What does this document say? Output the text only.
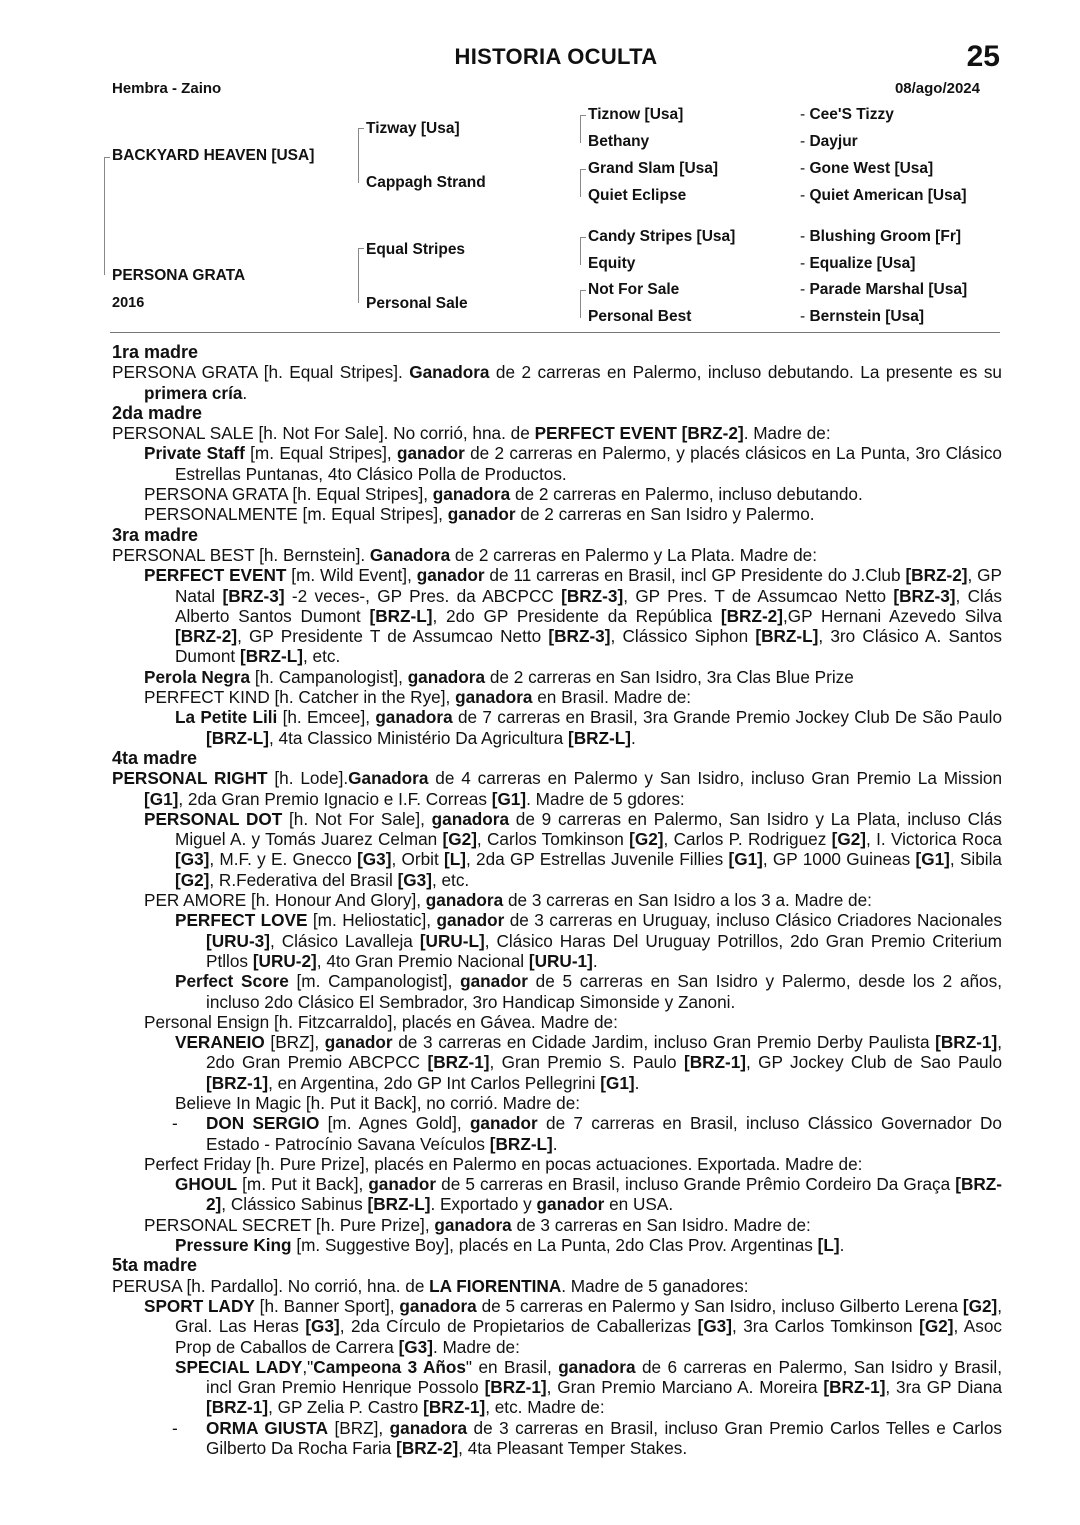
HISTORIA OCULTA	25
Hembra - Zaino	08/ago/2024
BACKYARD HEAVEN [USA]
PERSONA GRATA
2016
Tizway [Usa]
Cappagh Strand
Equal Stripes
Personal Sale
Tiznow [Usa]
Bethany
Grand Slam [Usa]
Quiet Eclipse
Candy Stripes [Usa]
Equity
Not For Sale
Personal Best
- Cee'S Tizzy
- Dayjur
- Gone West [Usa]
- Quiet American [Usa]
- Blushing Groom [Fr]
- Equalize [Usa]
- Parade Marshal [Usa]
- Bernstein [Usa]
1ra madre
PERSONA GRATA [h. Equal Stripes]. Ganadora de 2 carreras en Palermo, incluso debutando. La presente es su primera cría.
2da madre
PERSONAL SALE [h. Not For Sale]. No corrió, hna. de PERFECT EVENT [BRZ-2]. Madre de:
Private Staff [m. Equal Stripes], ganador de 2 carreras en Palermo, y placés clásicos en La Punta, 3ro Clásico Estrellas Puntanas, 4to Clásico Polla de Productos.
PERSONA GRATA [h. Equal Stripes], ganadora de 2 carreras en Palermo, incluso debutando.
PERSONALMENTE [m. Equal Stripes], ganador de 2 carreras en San Isidro y Palermo.
3ra madre
PERSONAL BEST [h. Bernstein]. Ganadora de 2 carreras en Palermo y La Plata. Madre de:
PERFECT EVENT [m. Wild Event], ganador de 11 carreras en Brasil, incl GP Presidente do J.Club [BRZ-2], GP Natal [BRZ-3] -2 veces-, GP Pres. da ABCPCC [BRZ-3], GP Pres. T de Assumcao Netto [BRZ-3], Clás Alberto Santos Dumont [BRZ-L], 2do GP Presidente da República [BRZ-2],GP Hernani Azevedo Silva [BRZ-2], GP Presidente T de Assumcao Netto [BRZ-3], Clássico Siphon [BRZ-L], 3ro Clásico A. Santos Dumont [BRZ-L], etc.
Perola Negra [h. Campanologist], ganadora de 2 carreras en San Isidro, 3ra Clas Blue Prize
PERFECT KIND [h. Catcher in the Rye], ganadora en Brasil. Madre de:
La Petite Lili [h. Emcee], ganadora de 7 carreras en Brasil, 3ra Grande Premio Jockey Club De São Paulo [BRZ-L], 4ta Classico Ministério Da Agricultura [BRZ-L].
4ta madre
PERSONAL RIGHT [h. Lode].Ganadora de 4 carreras en Palermo y San Isidro, incluso Gran Premio La Mission [G1], 2da Gran Premio Ignacio e I.F. Correas [G1]. Madre de 5 gdores:
PERSONAL DOT [h. Not For Sale], ganadora de 9 carreras en Palermo, San Isidro y La Plata, incluso Clás Miguel A. y Tomás Juarez Celman [G2], Carlos Tomkinson [G2], Carlos P. Rodriguez [G2], I. Victorica Roca [G3], M.F. y E. Gnecco [G3], Orbit [L], 2da GP Estrellas Juvenile Fillies [G1], GP 1000 Guineas [G1], Sibila [G2], R.Federativa del Brasil [G3], etc.
PER AMORE [h. Honour And Glory], ganadora de 3 carreras en San Isidro a los 3 a. Madre de:
PERFECT LOVE [m. Heliostatic], ganador de 3 carreras en Uruguay, incluso Clásico Criadores Nacionales [URU-3], Clásico Lavalleja [URU-L], Clásico Haras Del Uruguay Potrillos, 2do Gran Premio Criterium Ptllos [URU-2], 4to Gran Premio Nacional [URU-1].
Perfect Score [m. Campanologist], ganador de 5 carreras en San Isidro y Palermo, desde los 2 años, incluso 2do Clásico El Sembrador, 3ro Handicap Simonside y Zanoni.
Personal Ensign [h. Fitzcarraldo], placés en Gávea. Madre de:
VERANEIO [BRZ], ganador de 3 carreras en Cidade Jardim, incluso Gran Premio Derby Paulista [BRZ-1], 2do Gran Premio ABCPCC [BRZ-1], Gran Premio S. Paulo [BRZ-1], GP Jockey Club de Sao Paulo [BRZ-1], en Argentina, 2do GP Int Carlos Pellegrini [G1].
Believe In Magic [h. Put it Back], no corrió. Madre de:
- DON SERGIO [m. Agnes Gold], ganador de 7 carreras en Brasil, incluso Clássico Governador Do Estado - Patrocínio Savana Veículos [BRZ-L].
Perfect Friday [h. Pure Prize], placés en Palermo en pocas actuaciones. Exportada. Madre de:
GHOUL [m. Put it Back], ganador de 5 carreras en Brasil, incluso Grande Prêmio Cordeiro Da Graça [BRZ-2], Clássico Sabinus [BRZ-L]. Exportado y ganador en USA.
PERSONAL SECRET [h. Pure Prize], ganadora de 3 carreras en San Isidro. Madre de:
Pressure King [m. Suggestive Boy], placés en La Punta, 2do Clas Prov. Argentinas [L].
5ta madre
PERUSA [h. Pardallo]. No corrió, hna. de LA FIORENTINA. Madre de 5 ganadores:
SPORT LADY [h. Banner Sport], ganadora de 5 carreras en Palermo y San Isidro, incluso Gilberto Lerena [G2], Gral. Las Heras [G3], 2da Círculo de Propietarios de Caballerizas [G3], 3ra Carlos Tomkinson [G2], Asoc Prop de Caballos de Carrera [G3]. Madre de:
SPECIAL LADY,"Campeona 3 Años" en Brasil, ganadora de 6 carreras en Palermo, San Isidro y Brasil, incl Gran Premio Henrique Possolo [BRZ-1], Gran Premio Marciano A. Moreira [BRZ-1], 3ra GP Diana [BRZ-1], GP Zelia P. Castro [BRZ-1], etc. Madre de:
- ORMA GIUSTA [BRZ], ganadora de 3 carreras en Brasil, incluso Gran Premio Carlos Telles e Carlos Gilberto Da Rocha Faria [BRZ-2], 4ta Pleasant Temper Stakes.
